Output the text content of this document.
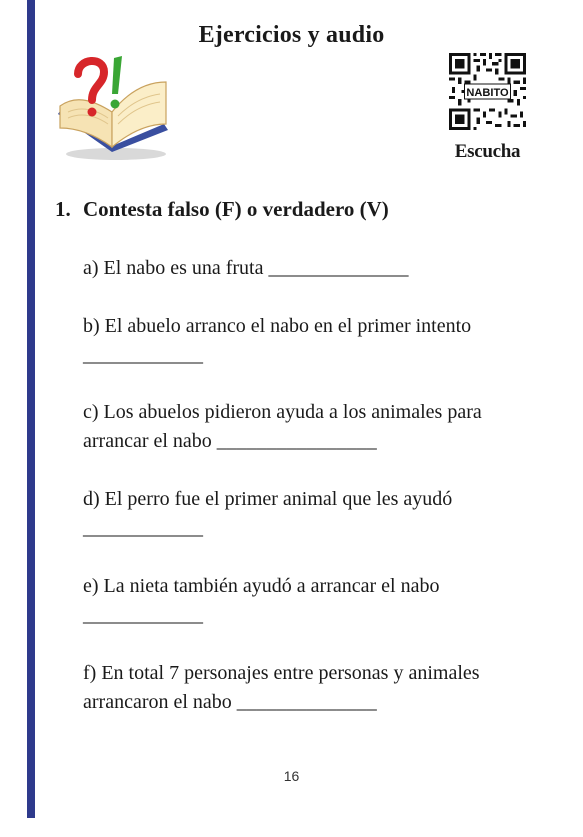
Ejercicios y audio
NABITO
Escucha
1. Contesta falso (F) o verdadero (V)
a) El nabo es una fruta ______________
b) El abuelo arranco el nabo en el primer intento ____________
c) Los abuelos pidieron ayuda a los animales para arrancar el nabo ________________
d) El perro fue el primer animal que les ayudó ____________
e) La nieta también ayudó a arrancar el nabo ____________
f) En total 7 personajes entre personas y animales arrancaron el nabo ______________
16
